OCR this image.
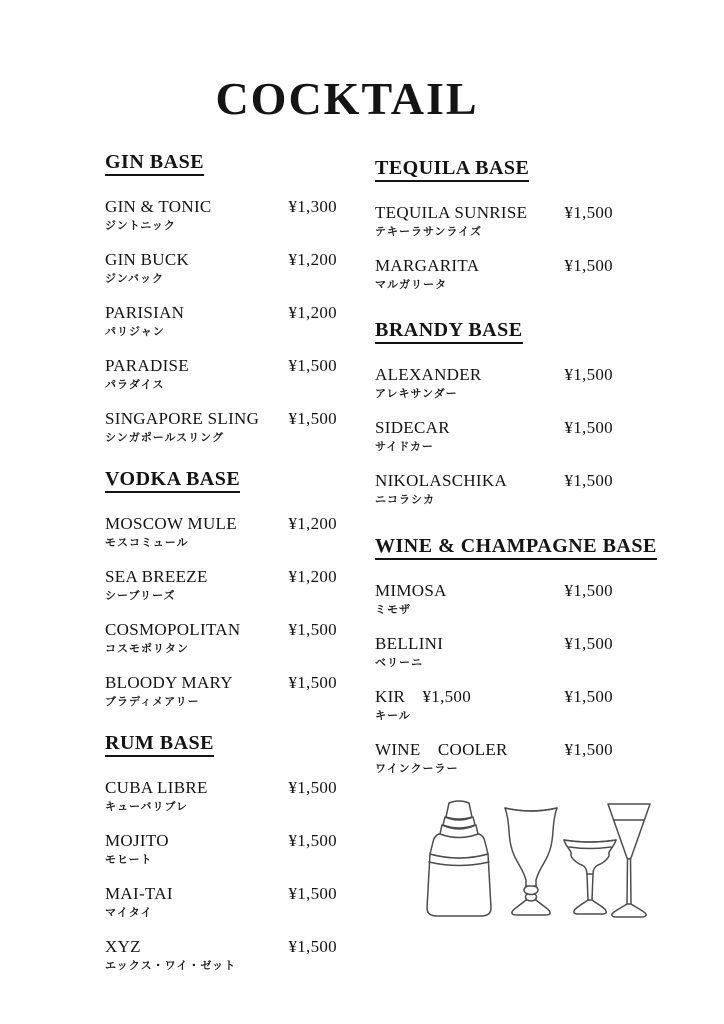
COCKTAIL

GIN BASE

GIN & TONIC	¥1,300
ジントニック
GIN BUCK	¥1,200
ジンバック
PARISIAN	¥1,200
パリジャン
PARADISE	¥1,500
パラダイス
SINGAPORE SLING ¥1,500
シンガポールスリング

VODKA BASE

MOSCOW MULE	¥1,200
モスコミュール
SEA BREEZE	¥1,200
シーブリーズ
COSMOPOLITAN	¥1,500
コスモポリタン
BLOODY MARY	¥1,500
ブラディメアリー

RUM BASE

CUBA LIBRE	¥1,500
キューバリブレ
MOJITO	¥1,500
モヒート
MAI-TAI	¥1,500
マイタイ
XYZ	¥1,500
エックス・ワイ・ゼット

TEQUILA BASE

TEQUILA SUNRISE ¥1,500
テキーラサンライズ
MARGARITA	¥1,500
マルガリータ

BRANDY BASE

ALEXANDER	¥1,500
アレキサンダー
SIDECAR	¥1,500
サイドカー
NIKOLASCHIKA	¥1,500
ニコラシカ

WINE & CHAMPAGNE BASE

MIMOSA	¥1,500
ミモザ
BELLINI	¥1,500
ベリーニ
KIR　¥1,500	¥1,500
キール
WINE　COOLER	¥1,500
ワインクーラー
